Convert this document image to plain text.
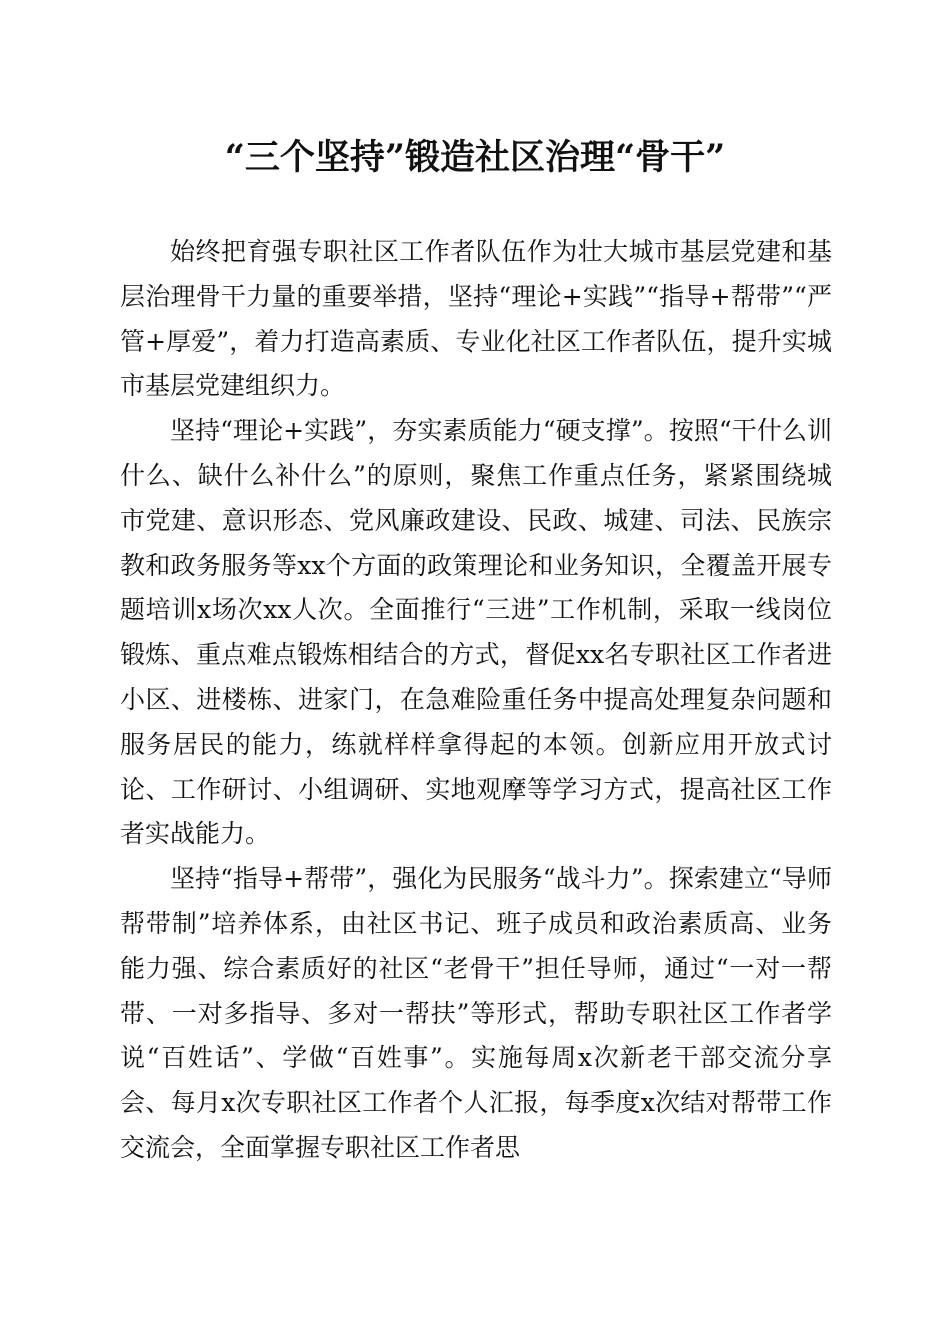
“三个坚持”锻造社区治理“骨干”

始终把育强专职社区工作者队伍作为壮大城市基层党建和基层治理骨干力量的重要举措，坚持“理论+实践”“指导+帮带”“严管+厚爱”，着力打造高素质、专业化社区工作者队伍，提升实城市基层党建组织力。

坚持“理论+实践”，夯实素质能力“硬支撑”。按照“干什么训什么、缺什么补什么”的原则，聚焦工作重点任务，紧紧围绕城市党建、意识形态、党风廉政建设、民政、城建、司法、民族宗教和政务服务等xx个方面的政策理论和业务知识，全覆盖开展专题培训x场次xx人次。全面推行“三进”工作机制，采取一线岗位锻炼、重点难点锻炼相结合的方式，督促xx名专职社区工作者进小区、进楼栋、进家门，在急难险重任务中提高处理复杂问题和服务居民的能力，练就样样拿得起的本领。创新应用开放式讨论、工作研讨、小组调研、实地观摩等学习方式，提高社区工作者实战能力。

坚持“指导+帮带”，强化为民服务“战斗力”。探索建立“导师帮带制”培养体系，由社区书记、班子成员和政治素质高、业务能力强、综合素质好的社区“老骨干”担任导师，通过“一对一帮带、一对多指导、多对一帮扶”等形式，帮助专职社区工作者学说“百姓话”、学做“百姓事”。实施每周x次新老干部交流分享会、每月x次专职社区工作者个人汇报，每季度x次结对帮带工作交流会，全面掌握专职社区工作者思
